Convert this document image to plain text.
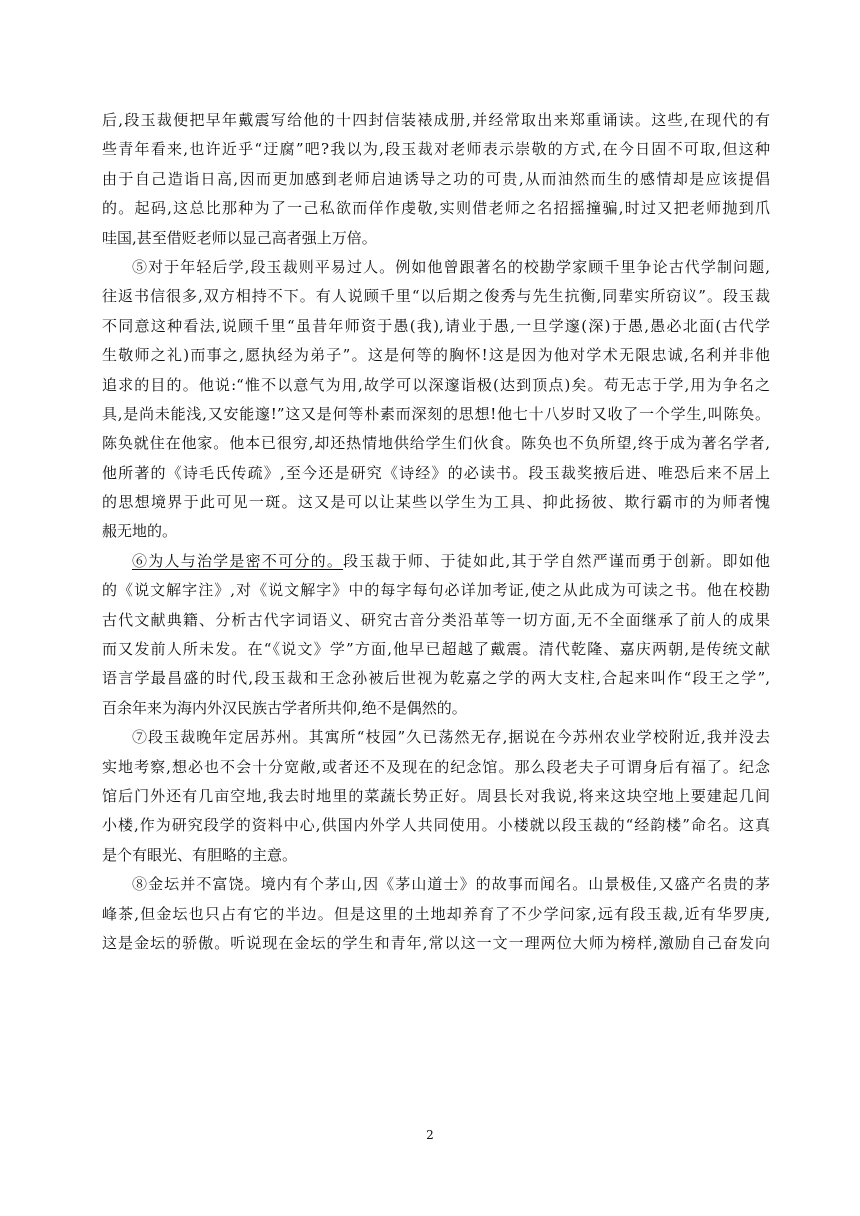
后,段玉裁便把早年戴震写给他的十四封信装裱成册,并经常取出来郑重诵读。这些,在现代的有
些青年看来,也许近乎“迂腐”吧?我以为,段玉裁对老师表示崇敬的方式,在今日固不可取,但这种
由于自己造诣日高,因而更加感到老师启迪诱导之功的可贵,从而油然而生的感情却是应该提倡
的。起码,这总比那种为了一己私欲而佯作虔敬,实则借老师之名招摇撞骗,时过又把老师抛到爪
哇国,甚至借贬老师以显己高者强上万倍。
⑤对于年轻后学,段玉裁则平易过人。例如他曾跟著名的校勘学家顾千里争论古代学制问题,
往返书信很多,双方相持不下。有人说顾千里“以后期之俊秀与先生抗衡,同辈实所窃议”。段玉裁
不同意这种看法,说顾千里“虽昔年师资于愚(我),请业于愚,一旦学邃(深)于愚,愚必北面(古代学
生敬师之礼)而事之,愿执经为弟子”。这是何等的胸怀!这是因为他对学术无限忠诚,名利并非他
追求的目的。他说:“惟不以意气为用,故学可以深邃诣极(达到顶点)矣。苟无志于学,用为争名之
具,是尚未能浅,又安能邃!”这又是何等朴素而深刻的思想!他七十八岁时又收了一个学生,叫陈奂。
陈奂就住在他家。他本已很穷,却还热情地供给学生们伙食。陈奂也不负所望,终于成为著名学者,
他所著的《诗毛氏传疏》,至今还是研究《诗经》的必读书。段玉裁奖掖后进、唯恐后来不居上
的思想境界于此可见一斑。这又是可以让某些以学生为工具、抑此扬彼、欺行霸市的为师者愧
赧无地的。
⑥为人与治学是密不可分的。段玉裁于师、于徒如此,其于学自然严谨而勇于创新。即如他
的《说文解字注》,对《说文解字》中的每字每句必详加考证,使之从此成为可读之书。他在校勘
古代文献典籍、分析古代字词语义、研究古音分类沿革等一切方面,无不全面继承了前人的成果
而又发前人所未发。在“《说文》学”方面,他早已超越了戴震。清代乾隆、嘉庆两朝,是传统文献
语言学最昌盛的时代,段玉裁和王念孙被后世视为乾嘉之学的两大支柱,合起来叫作“段王之学”,
百余年来为海内外汉民族古学者所共仰,绝不是偶然的。
⑦段玉裁晚年定居苏州。其寓所“枝园”久已荡然无存,据说在今苏州农业学校附近,我并没去
实地考察,想必也不会十分宽敞,或者还不及现在的纪念馆。那么段老夫子可谓身后有福了。纪念
馆后门外还有几亩空地,我去时地里的菜蔬长势正好。周县长对我说,将来这块空地上要建起几间
小楼,作为研究段学的资料中心,供国内外学人共同使用。小楼就以段玉裁的“经韵楼”命名。这真
是个有眼光、有胆略的主意。
⑧金坛并不富饶。境内有个茅山,因《茅山道士》的故事而闻名。山景极佳,又盛产名贵的茅
峰茶,但金坛也只占有它的半边。但是这里的土地却养育了不少学问家,远有段玉裁,近有华罗庚,
这是金坛的骄傲。听说现在金坛的学生和青年,常以这一文一理两位大师为榜样,激励自己奋发向
2
